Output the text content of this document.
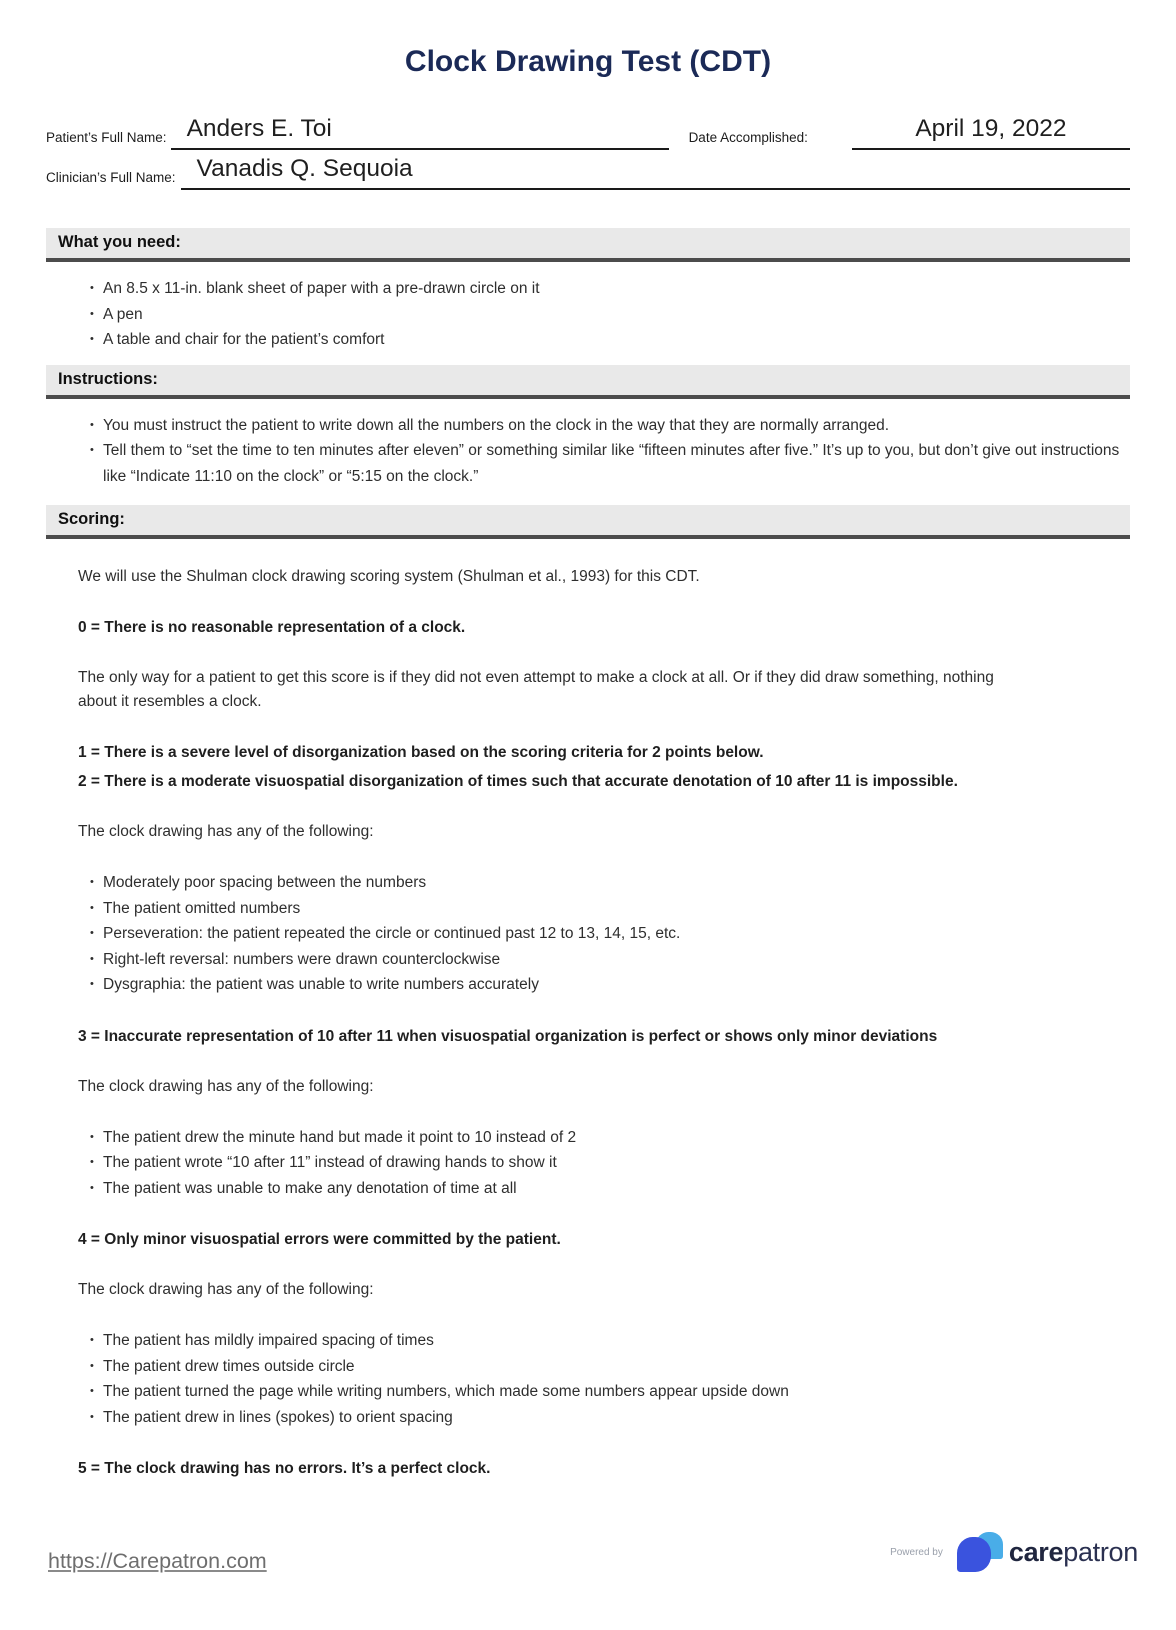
Clock Drawing Test (CDT)
Patient’s Full Name: Anders E. Toi	Date Accomplished:	April 19, 2022
Clinician’s Full Name: Vanadis Q. Sequoia
What you need:
• An 8.5 x 11-in. blank sheet of paper with a pre-drawn circle on it
• A pen
• A table and chair for the patient’s comfort
Instructions:
• You must instruct the patient to write down all the numbers on the clock in the way that they are normally arranged.
• Tell them to “set the time to ten minutes after eleven” or something similar like “fifteen minutes after five.” It’s up to you, but don’t give out instructions like “Indicate 11:10 on the clock” or “5:15 on the clock.”
Scoring:

We will use the Shulman clock drawing scoring system (Shulman et al., 1993) for this CDT.

0 = There is no reasonable representation of a clock.

The only way for a patient to get this score is if they did not even attempt to make a clock at all. Or if they did draw something, nothing about it resembles a clock.

1 = There is a severe level of disorganization based on the scoring criteria for 2 points below.

2 = There is a moderate visuospatial disorganization of times such that accurate denotation of 10 after 11 is impossible.

The clock drawing has any of the following:

• Moderately poor spacing between the numbers
• The patient omitted numbers
• Perseveration: the patient repeated the circle or continued past 12 to 13, 14, 15, etc.
• Right-left reversal: numbers were drawn counterclockwise
• Dysgraphia: the patient was unable to write numbers accurately

3 = Inaccurate representation of 10 after 11 when visuospatial organization is perfect or shows only minor deviations

The clock drawing has any of the following:

• The patient drew the minute hand but made it point to 10 instead of 2
• The patient wrote “10 after 11” instead of drawing hands to show it
• The patient was unable to make any denotation of time at all

4 = Only minor visuospatial errors were committed by the patient.

The clock drawing has any of the following:

• The patient has mildly impaired spacing of times
• The patient drew times outside circle
• The patient turned the page while writing numbers, which made some numbers appear upside down
• The patient drew in lines (spokes) to orient spacing

5 = The clock drawing has no errors. It’s a perfect clock.

https://Carepatron.com	Powered by carepatron
